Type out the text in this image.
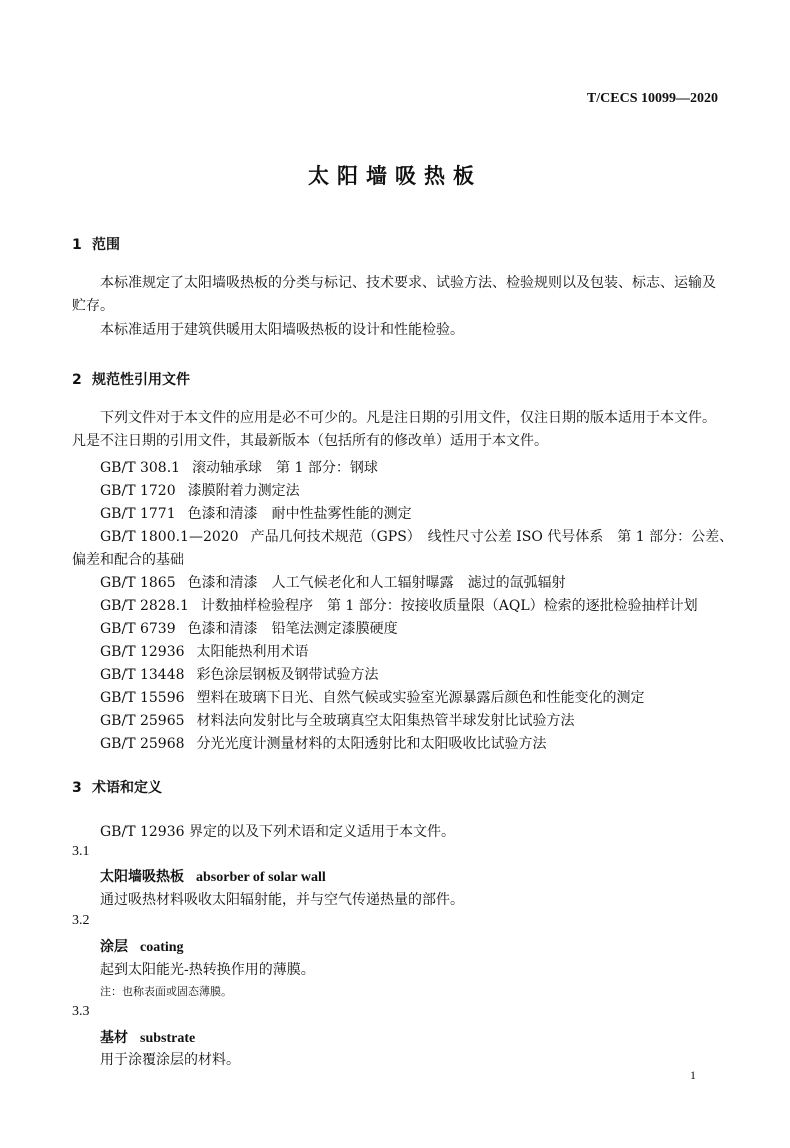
T/CECS 10099—2020
太阳墙吸热板
1 范围
本标准规定了太阳墙吸热板的分类与标记、技术要求、试验方法、检验规则以及包装、标志、运输及贮存。
本标准适用于建筑供暖用太阳墙吸热板的设计和性能检验。
2 规范性引用文件
下列文件对于本文件的应用是必不可少的。凡是注日期的引用文件，仅注日期的版本适用于本文件。凡是不注日期的引用文件，其最新版本（包括所有的修改单）适用于本文件。
GB/T 308.1 滚动轴承球　第 1 部分：钢球
GB/T 1720 漆膜附着力测定法
GB/T 1771 色漆和清漆　耐中性盐雾性能的测定
GB/T 1800.1—2020 产品几何技术规范（GPS）　线性尺寸公差 ISO 代号体系　第 1 部分：公差、
偏差和配合的基础
GB/T 1865 色漆和清漆　人工气候老化和人工辐射曝露　滤过的氙弧辐射
GB/T 2828.1 计数抽样检验程序　第 1 部分：按接收质量限（AQL）检索的逐批检验抽样计划
GB/T 6739 色漆和清漆　铅笔法测定漆膜硬度
GB/T 12936 太阳能热利用术语
GB/T 13448 彩色涂层钢板及钢带试验方法
GB/T 15596 塑料在玻璃下日光、自然气候或实验室光源暴露后颜色和性能变化的测定
GB/T 25965 材料法向发射比与全玻璃真空太阳集热管半球发射比试验方法
GB/T 25968 分光光度计测量材料的太阳透射比和太阳吸收比试验方法
3 术语和定义
GB/T 12936 界定的以及下列术语和定义适用于本文件。
3.1
太阳墙吸热板 absorber of solar wall
通过吸热材料吸收太阳辐射能，并与空气传递热量的部件。
3.2
涂层 coating
起到太阳能光-热转换作用的薄膜。
注：也称表面或固态薄膜。
3.3
基材 substrate
用于涂覆涂层的材料。
1
